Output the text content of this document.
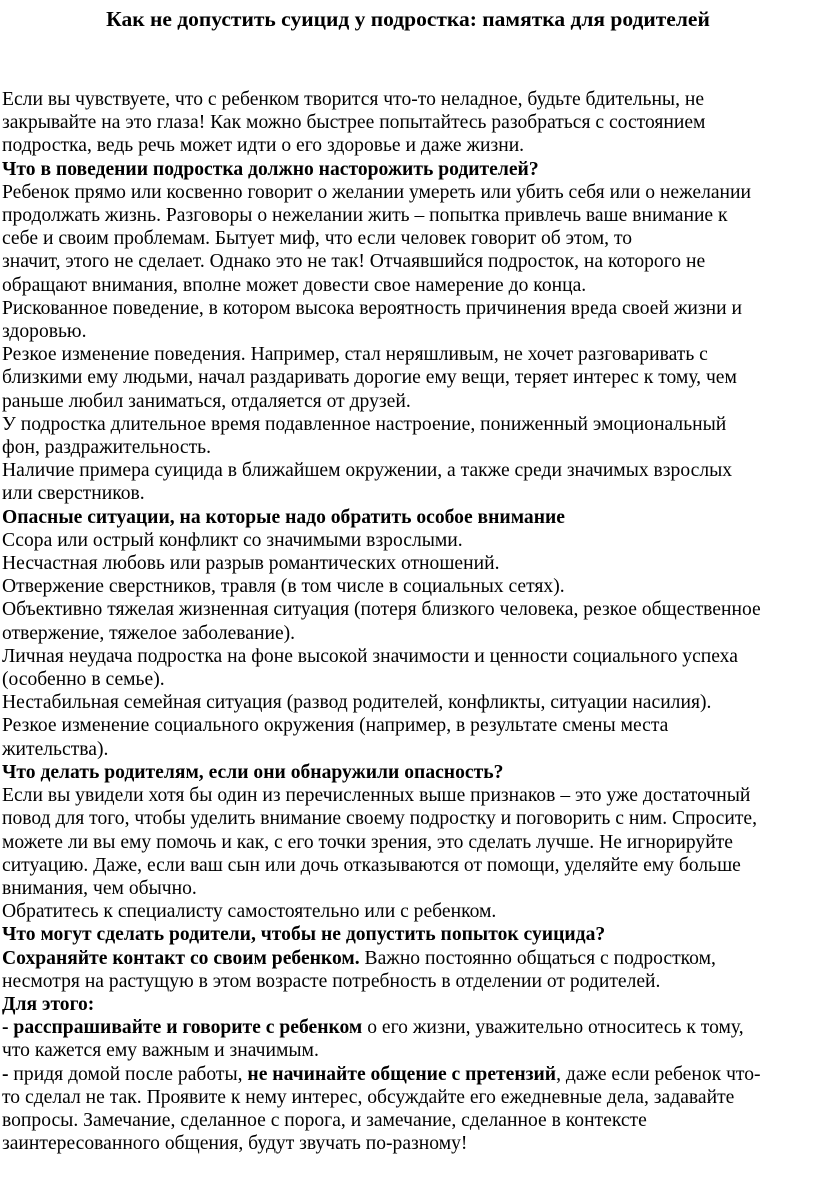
Как не допустить суицид у подростка: памятка для родителей

Если вы чувствуете, что с ребенком творится что-то неладное, будьте бдительны, не

закрывайте на это глаза! Как можно быстрее попытайтесь разобраться с состоянием

подростка, ведь речь может идти о его здоровье и даже жизни.

Что в поведении подростка должно насторожить родителей?

Ребенок прямо или косвенно говорит о желании умереть или убить себя или о нежелании

продолжать жизнь. Разговоры о нежелании жить – попытка привлечь ваше внимание к

себе и своим проблемам. Бытует миф, что если человек говорит об этом, то

значит, этого не сделает. Однако это не так! Отчаявшийся подросток, на которого не

обращают внимания, вполне может довести свое намерение до конца.

Рискованное поведение, в котором высока вероятность причинения вреда своей жизни и

здоровью.

Резкое изменение поведения. Например, стал неряшливым, не хочет разговаривать с

близкими ему людьми, начал раздаривать дорогие ему вещи, теряет интерес к тому, чем

раньше любил заниматься, отдаляется от друзей.

У подростка длительное время подавленное настроение, пониженный эмоциональный

фон, раздражительность.

Наличие примера суицида в ближайшем окружении, а также среди значимых взрослых

или сверстников.

Опасные ситуации, на которые надо обратить особое внимание

Ссора или острый конфликт со значимыми взрослыми.

Несчастная любовь или разрыв романтических отношений.

Отвержение сверстников, травля (в том числе в социальных сетях).

Объективно тяжелая жизненная ситуация (потеря близкого человека, резкое общественное

отвержение, тяжелое заболевание).

Личная неудача подростка на фоне высокой значимости и ценности социального успеха

(особенно в семье).

Нестабильная семейная ситуация (развод родителей, конфликты, ситуации насилия).

Резкое изменение социального окружения (например, в результате смены места

жительства).

Что делать родителям, если они обнаружили опасность?

Если вы увидели хотя бы один из перечисленных выше признаков – это уже достаточный

повод для того, чтобы уделить внимание своему подростку и поговорить с ним. Спросите,

можете ли вы ему помочь и как, с его точки зрения, это сделать лучше. Не игнорируйте

ситуацию. Даже, если ваш сын или дочь отказываются от помощи, уделяйте ему больше

внимания, чем обычно.

Обратитесь к специалисту самостоятельно или с ребенком.

Что могут сделать родители, чтобы не допустить попыток суицида?

Сохраняйте контакт со своим ребенком. Важно постоянно общаться с подростком,

несмотря на растущую в этом возрасте потребность в отделении от родителей.

Для этого:

- расспрашивайте и говорите с ребенком о его жизни, уважительно относитесь к тому,

что кажется ему важным и значимым.

- придя домой после работы, не начинайте общение с претензий, даже если ребенок что-

то сделал не так. Проявите к нему интерес, обсуждайте его ежедневные дела, задавайте

вопросы. Замечание, сделанное с порога, и замечание, сделанное в контексте

заинтересованного общения, будут звучать по-разному!
